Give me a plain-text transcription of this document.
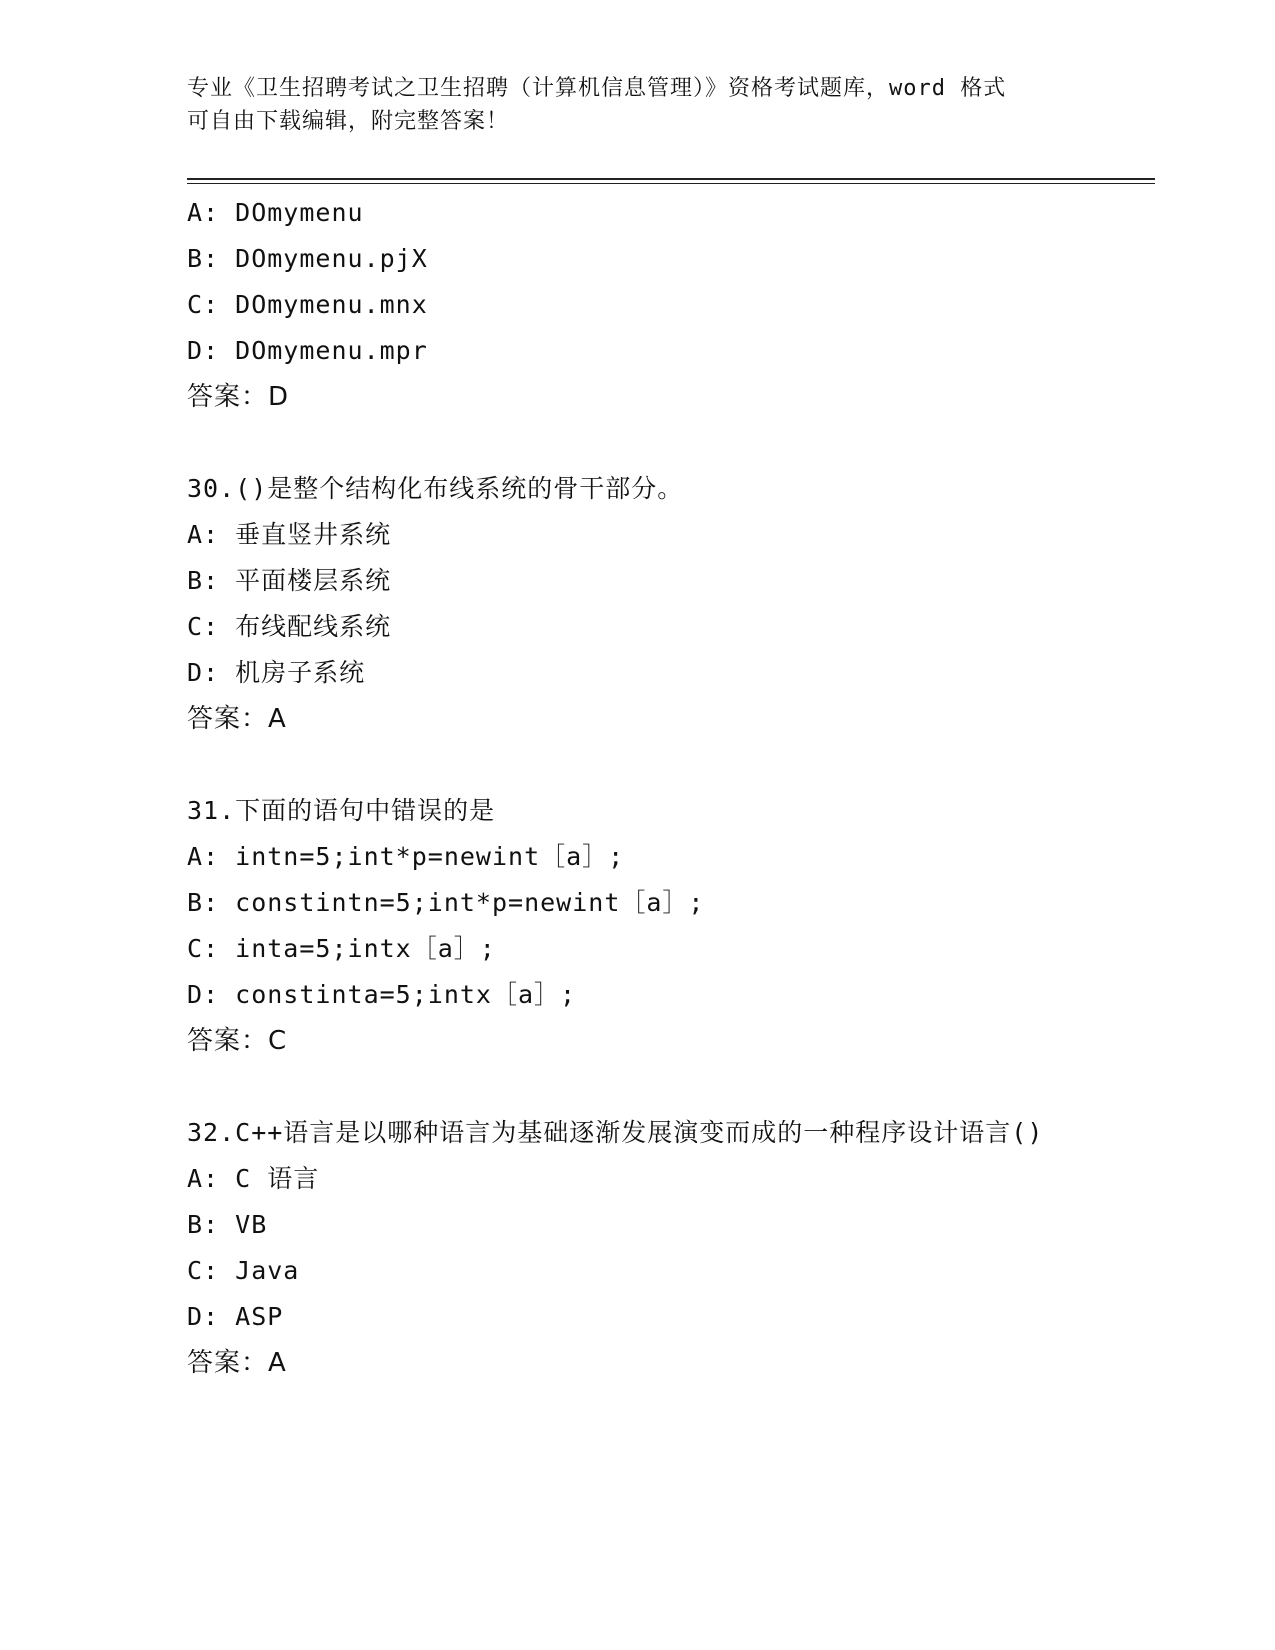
专业《卫生招聘考试之卫生招聘（计算机信息管理）》资格考试题库，word 格式
可自由下载编辑，附完整答案！
A: DOmymenu
B: DOmymenu.pjX
C: DOmymenu.mnx
D: DOmymenu.mpr
答案：D
30.()是整个结构化布线系统的骨干部分。
A: 垂直竖井系统
B: 平面楼层系统
C: 布线配线系统
D: 机房子系统
答案：A
31.下面的语句中错误的是
A: intn=5;int*p=newint［a］;
B: constintn=5;int*p=newint［a］;
C: inta=5;intx［a］;
D: constinta=5;intx［a］;
答案：C
32.C++语言是以哪种语言为基础逐渐发展演变而成的一种程序设计语言()
A: C 语言
B: VB
C: Java
D: ASP
答案：A
